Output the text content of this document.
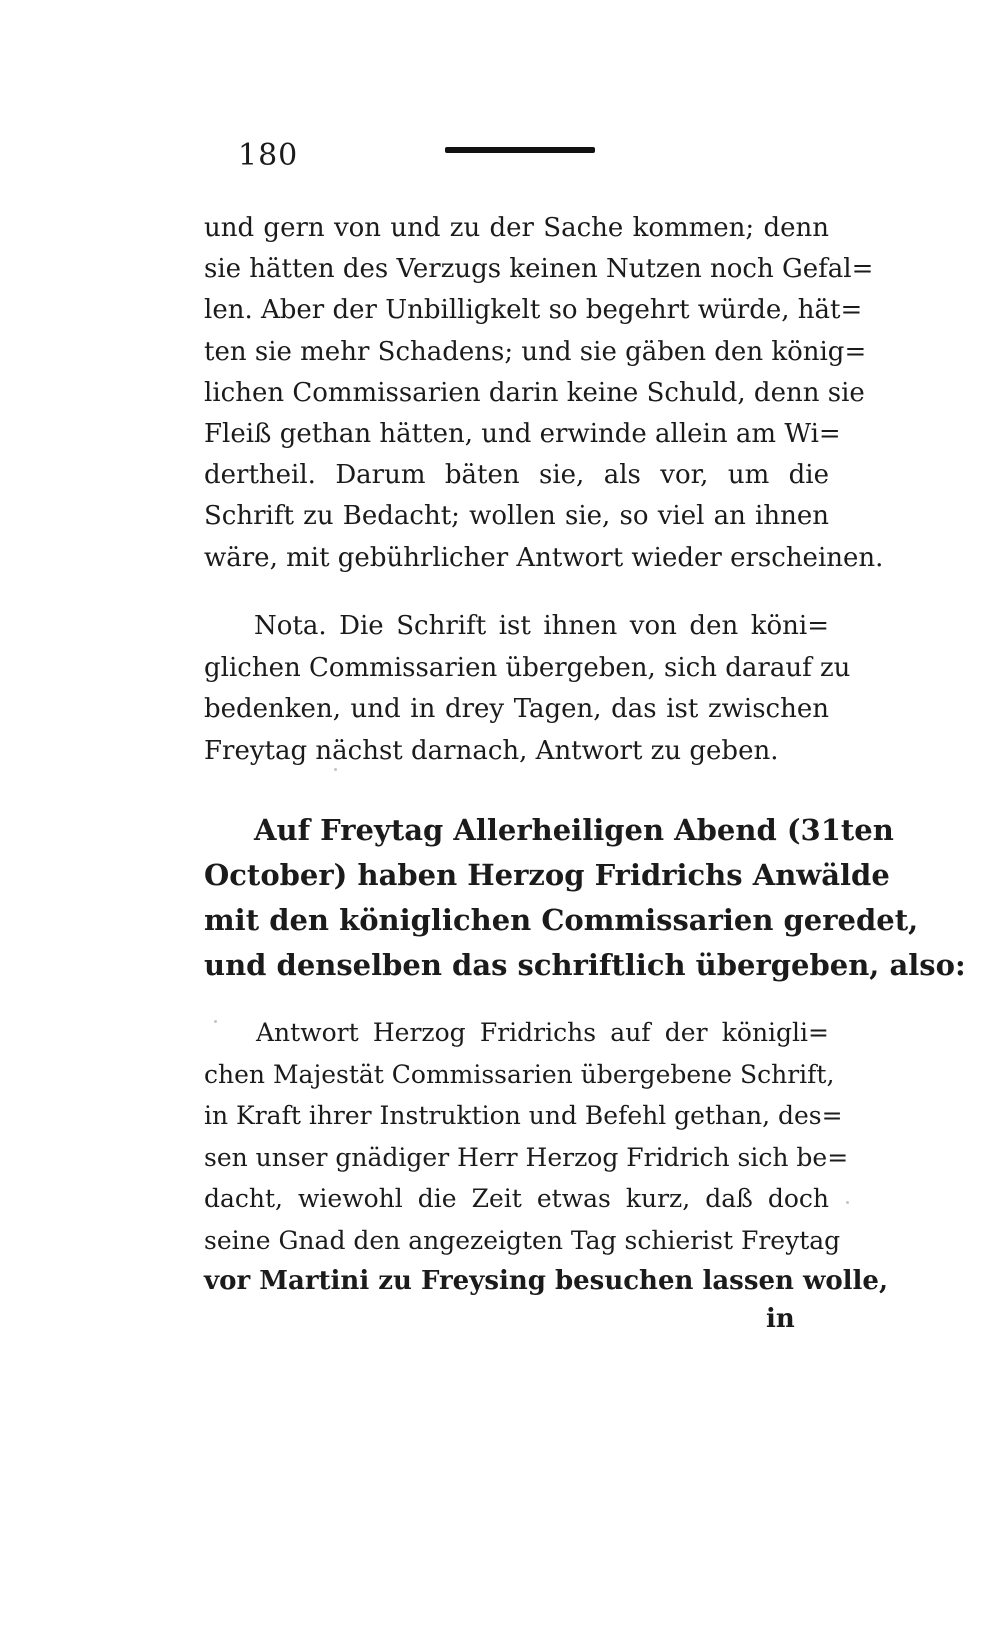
180
und gern von und zu der Sache kommen; denn
sie hätten des Verzugs keinen Nutzen noch Gefal=
len. Aber der Unbilligkelt so begehrt würde, hät=
ten sie mehr Schadens; und sie gäben den könig=
lichen Commissarien darin keine Schuld, denn sie
Fleiß gethan hätten, und erwinde allein am Wi=
dertheil. Darum bäten sie, als vor, um die
Schrift zu Bedacht; wollen sie, so viel an ihnen
wäre, mit gebührlicher Antwort wieder erscheinen.
Nota. Die Schrift ist ihnen von den köni=
glichen Commissarien übergeben, sich darauf zu
bedenken, und in drey Tagen, das ist zwischen
Freytag nächst darnach, Antwort zu geben.
Auf Freytag Allerheiligen Abend (31ten
October) haben Herzog Fridrichs Anwälde
mit den königlichen Commissarien geredet,
und denselben das schriftlich übergeben, also:
Antwort Herzog Fridrichs auf der königli=
chen Majestät Commissarien übergebene Schrift,
in Kraft ihrer Instruktion und Befehl gethan, des=
sen unser gnädiger Herr Herzog Fridrich sich be=
dacht, wiewohl die Zeit etwas kurz, daß doch
seine Gnad den angezeigten Tag schierist Freytag
vor Martini zu Freysing besuchen lassen wolle,
in
